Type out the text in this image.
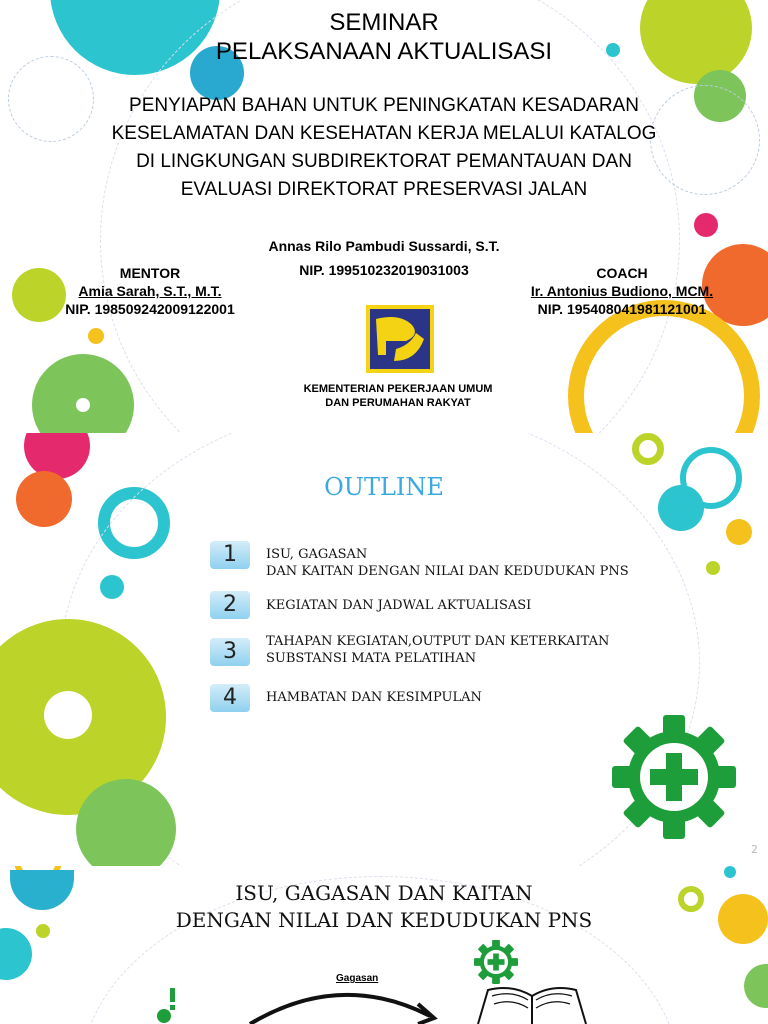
SEMINAR
PELAKSANAAN AKTUALISASI
PENYIAPAN BAHAN UNTUK PENINGKATAN KESADARAN
KESELAMATAN DAN KESEHATAN KERJA MELALUI KATALOG
DI LINGKUNGAN SUBDIREKTORAT PEMANTAUAN DAN
EVALUASI DIREKTORAT PRESERVASI JALAN
Annas Rilo Pambudi Sussardi, S.T.
NIP. 199510232019031003
MENTOR
Amia Sarah, S.T., M.T.
NIP. 198509242009122001
COACH
Ir. Antonius Budiono, MCM.
NIP. 195408041981121001
KEMENTERIAN PEKERJAAN UMUM
DAN PERUMAHAN RAKYAT
OUTLINE
1	ISU, GAGASAN
DAN KAITAN DENGAN NILAI DAN KEDUDUKAN PNS
2	KEGIATAN DAN JADWAL AKTUALISASI
3	TAHAPAN KEGIATAN,OUTPUT DAN KETERKAITAN
SUBSTANSI MATA PELATIHAN
4	HAMBATAN DAN KESIMPULAN
2
ISU, GAGASAN DAN KAITAN
DENGAN NILAI DAN KEDUDUKAN PNS
Gagasan
